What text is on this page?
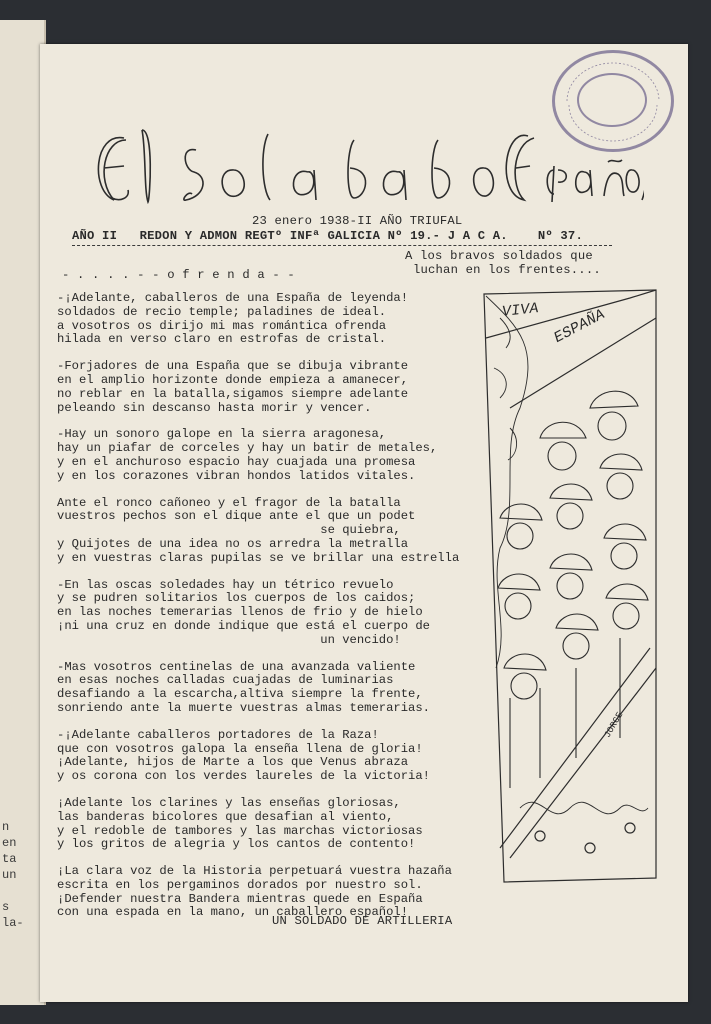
n
en
ta
un
s
la-
23 enero 1938-II AÑO TRIUFAL
AÑO II REDON Y ADMON REGTº INFª GALICIA Nº 19.- J A C A. Nº 37.
- . . . . - - o f r e n d a - -
A los bravos soldados que
luchan en los frentes....
-¡Adelante, caballeros de una España de leyenda!
soldados de recio temple; paladines de ideal.
a vosotros os dirijo mi mas romántica ofrenda
hilada en verso claro en estrofas de cristal.
-Forjadores de una España que se dibuja vibrante
en el amplio horizonte donde empieza a amanecer,
no reblar en la batalla,sigamos siempre adelante
peleando sin descanso hasta morir y vencer.
-Hay un sonoro galope en la sierra aragonesa,
hay un piafar de corceles y hay un batir de metales,
y en el anchuroso espacio hay cuajada una promesa
y en los corazones vibran hondos latidos vitales.
Ante el ronco cañoneo y el fragor de la batalla
vuestros pechos son el dique ante el que un podet
se quiebra,
y Quijotes de una idea no os arredra la metralla
y en vuestras claras pupilas se ve brillar una estrella
-En las oscas soledades hay un tétrico revuelo
y se pudren solitarios los cuerpos de los caidos;
en las noches temerarias llenos de frio y de hielo
¡ni una cruz en donde indique que está el cuerpo de
un vencido!
-Mas vosotros centinelas de una avanzada valiente
en esas noches calladas cuajadas de luminarias
desafiando a la escarcha,altiva siempre la frente,
sonriendo ante la muerte vuestras almas temerarias.
-¡Adelante caballeros portadores de la Raza!
que con vosotros galopa la enseña llena de gloria!
¡Adelante, hijos de Marte a los que Venus abraza
y os corona con los verdes laureles de la victoria!
¡Adelante los clarines y las enseñas gloriosas,
las banderas bicolores que desafian al viento,
y el redoble de tambores y las marchas victoriosas
y los gritos de alegria y los cantos de contento!
¡La clara voz de la Historia perpetuará vuestra hazaña
escrita en los pergaminos dorados por nuestro sol.
¡Defender nuestra Bandera mientras quede en España
con una espada en la mano, un caballero español!
UN SOLDADO DE ARTILLERIA
VIVA ESPAÑA
JORGE
